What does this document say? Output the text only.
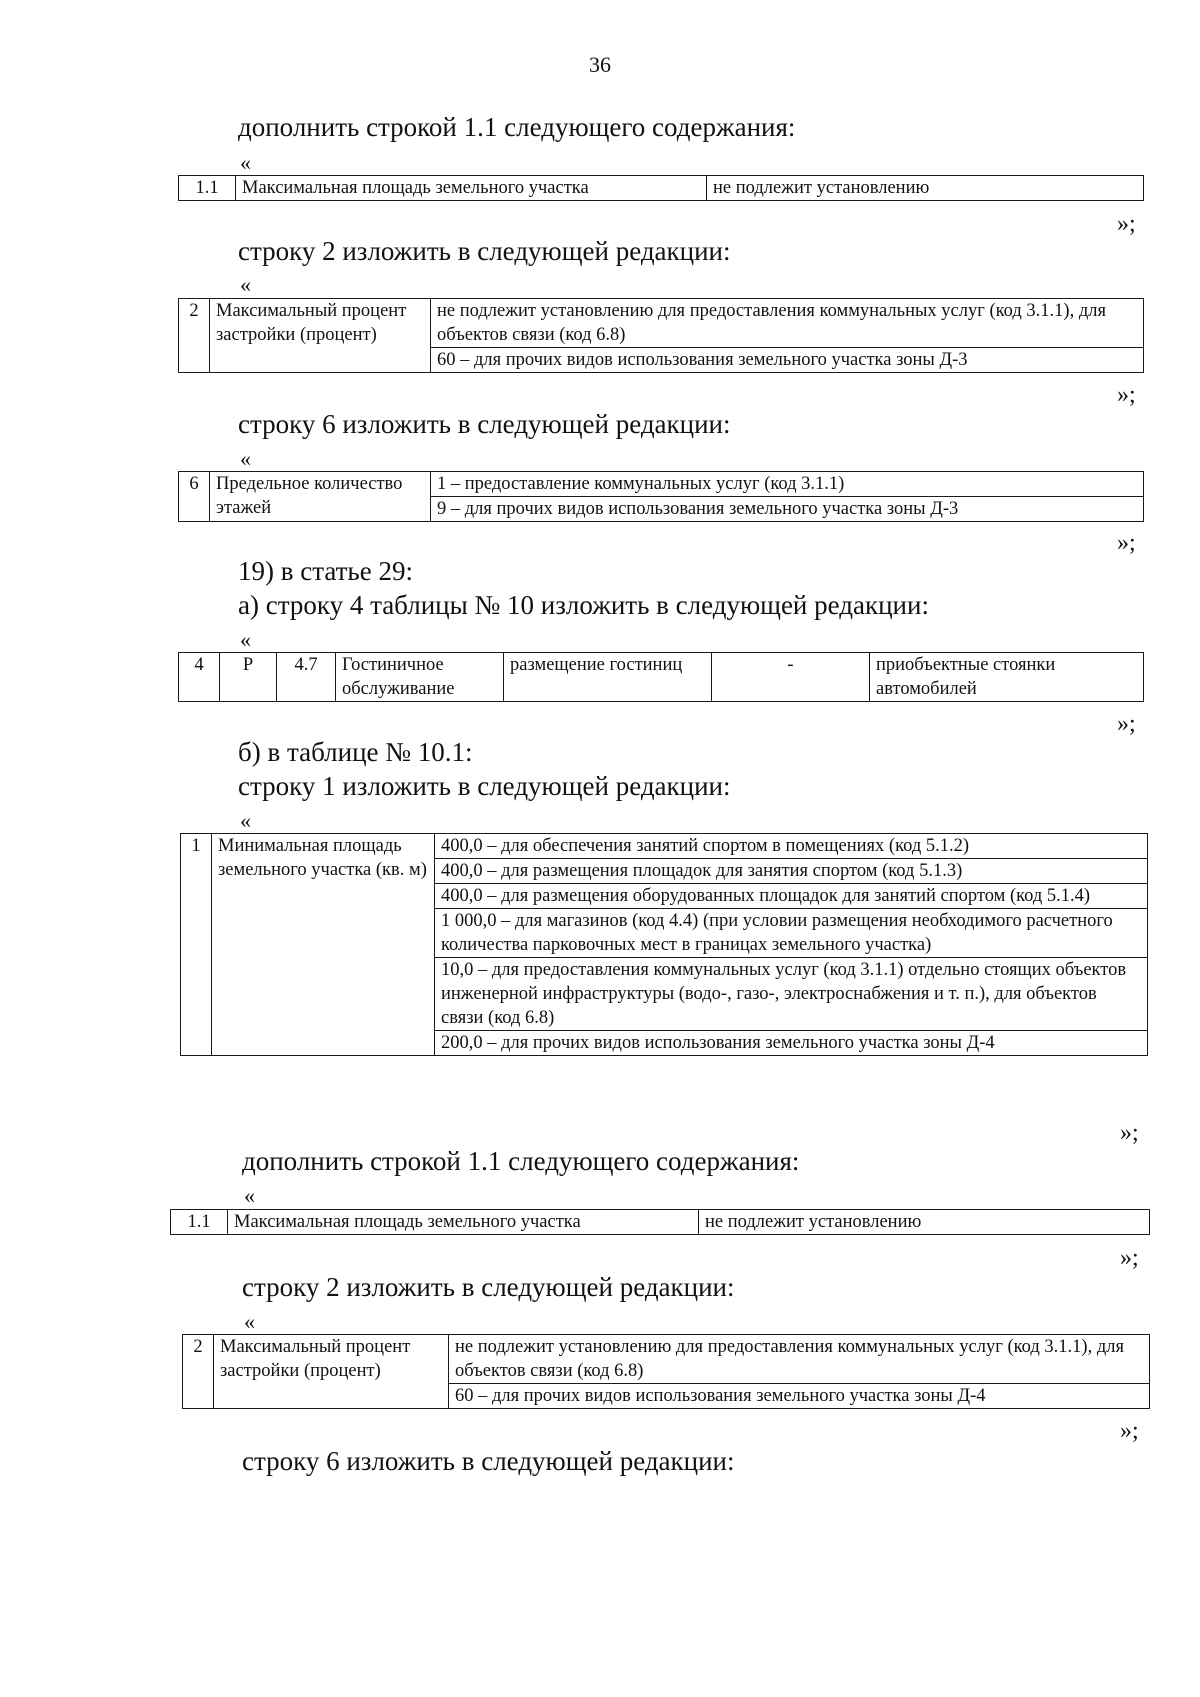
36
дополнить строкой 1.1 следующего содержания:
«
1.1	Максимальная площадь земельного участка	не подлежит установлению
»;
строку 2 изложить в следующей редакции:
«
2	Максимальный процент застройки (процент)	не подлежит установлению для предоставления коммунальных услуг (код 3.1.1), для объектов связи (код 6.8)
60 – для прочих видов использования земельного участка зоны Д-3
»;
строку 6 изложить в следующей редакции:
«
6	Предельное количество этажей	1 – предоставление коммунальных услуг (код 3.1.1)
9 – для прочих видов использования земельного участка зоны Д-3
»;
19) в статье 29:
а) строку 4 таблицы № 10 изложить в следующей редакции:
«
4	Р	4.7	Гостиничное обслуживание	размещение гостиниц	-	приобъектные стоянки автомобилей
»;
б) в таблице № 10.1:
строку 1 изложить в следующей редакции:
«
1	Минимальная площадь земельного участка (кв. м)	400,0 – для обеспечения занятий спортом в помещениях (код 5.1.2)
400,0 – для размещения площадок для занятия спортом (код 5.1.3)
400,0 – для размещения оборудованных площадок для занятий спортом (код 5.1.4)
1 000,0 – для магазинов (код 4.4) (при условии размещения необходимого расчетного количества парковочных мест в границах земельного участка)
10,0 – для предоставления коммунальных услуг (код 3.1.1) отдельно стоящих объектов инженерной инфраструктуры (водо-, газо-, электроснабжения и т. п.), для объектов связи (код 6.8)
200,0 – для прочих видов использования земельного участка зоны Д-4
»;
дополнить строкой 1.1 следующего содержания:
«
1.1	Максимальная площадь земельного участка	не подлежит установлению
»;
строку 2 изложить в следующей редакции:
«
2	Максимальный процент застройки (процент)	не подлежит установлению для предоставления коммунальных услуг (код 3.1.1), для объектов связи (код 6.8)
60 – для прочих видов использования земельного участка зоны Д-4
»;
строку 6 изложить в следующей редакции:
